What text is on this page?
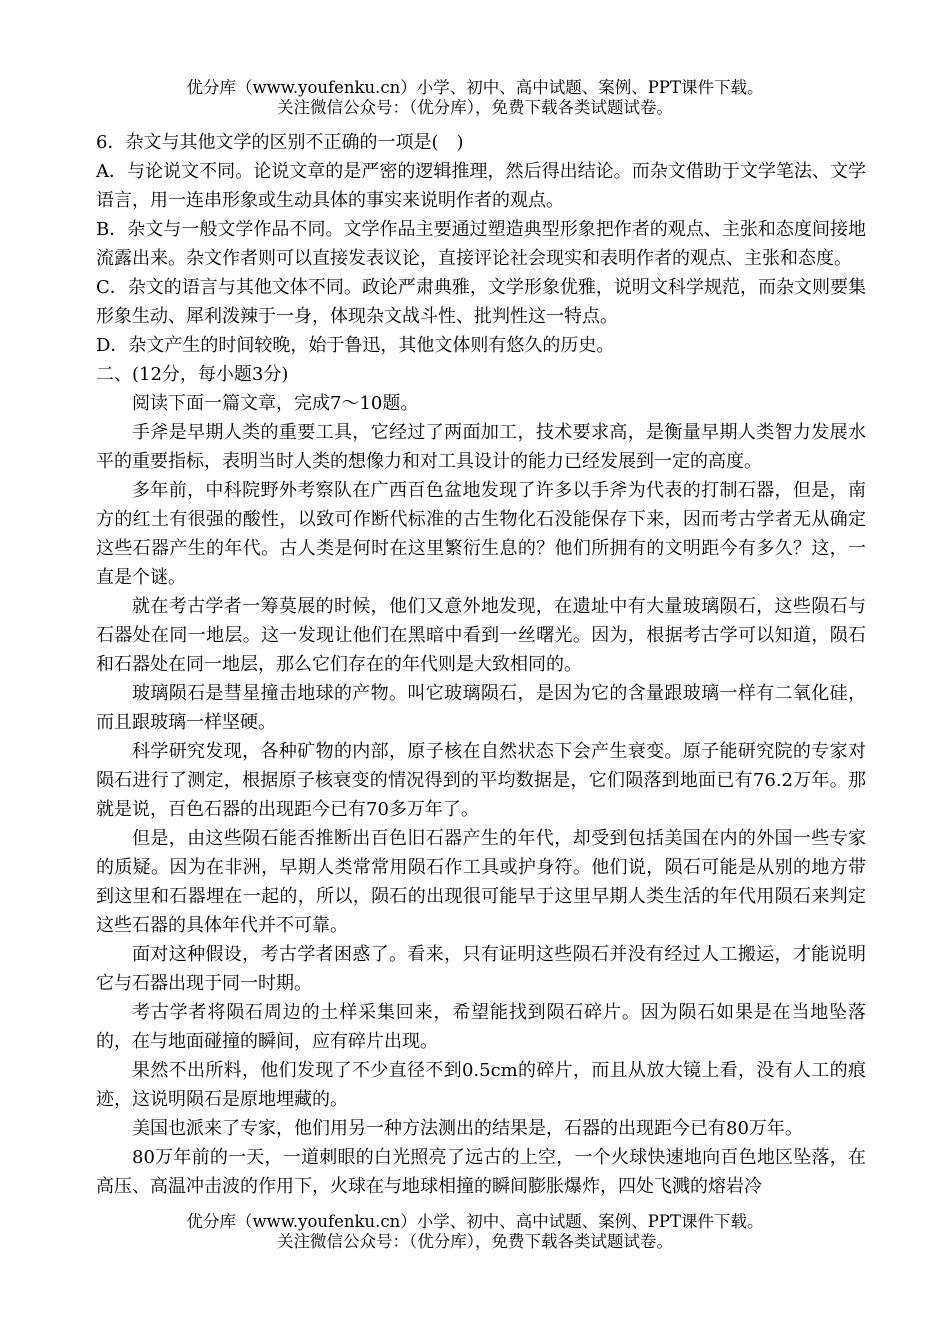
优分库（www.youfenku.cn）小学、初中、高中试题、案例、PPT课件下载。
关注微信公众号：（优分库），免费下载各类试题试卷。

6．杂文与其他文学的区别不正确的一项是(　)

A．与论说文不同。论说文章的是严密的逻辑推理，然后得出结论。而杂文借助于文学笔法、文学语言，用一连串形象或生动具体的事实来说明作者的观点。

B．杂文与一般文学作品不同。文学作品主要通过塑造典型形象把作者的观点、主张和态度间接地流露出来。杂文作者则可以直接发表议论，直接评论社会现实和表明作者的观点、主张和态度。

C．杂文的语言与其他文体不同。政论严肃典雅，文学形象优雅，说明文科学规范，而杂文则要集形象生动、犀利泼辣于一身，体现杂文战斗性、批判性这一特点。

D．杂文产生的时间较晚，始于鲁迅，其他文体则有悠久的历史。

二、(12分，每小题3分)

阅读下面一篇文章，完成7～10题。

手斧是早期人类的重要工具，它经过了两面加工，技术要求高，是衡量早期人类智力发展水平的重要指标，表明当时人类的想像力和对工具设计的能力已经发展到一定的高度。

多年前，中科院野外考察队在广西百色盆地发现了许多以手斧为代表的打制石器，但是，南方的红土有很强的酸性，以致可作断代标准的古生物化石没能保存下来，因而考古学者无从确定这些石器产生的年代。古人类是何时在这里繁衍生息的？他们所拥有的文明距今有多久？这，一直是个谜。

就在考古学者一筹莫展的时候，他们又意外地发现，在遗址中有大量玻璃陨石，这些陨石与石器处在同一地层。这一发现让他们在黑暗中看到一丝曙光。因为，根据考古学可以知道，陨石和石器处在同一地层，那么它们存在的年代则是大致相同的。

玻璃陨石是彗星撞击地球的产物。叫它玻璃陨石，是因为它的含量跟玻璃一样有二氧化硅，而且跟玻璃一样坚硬。

科学研究发现，各种矿物的内部，原子核在自然状态下会产生衰变。原子能研究院的专家对陨石进行了测定，根据原子核衰变的情况得到的平均数据是，它们陨落到地面已有76.2万年。那就是说，百色石器的出现距今已有70多万年了。

但是，由这些陨石能否推断出百色旧石器产生的年代，却受到包括美国在内的外国一些专家的质疑。因为在非洲，早期人类常常用陨石作工具或护身符。他们说，陨石可能是从别的地方带到这里和石器埋在一起的，所以，陨石的出现很可能早于这里早期人类生活的年代用陨石来判定这些石器的具体年代并不可靠。

面对这种假设，考古学者困惑了。看来，只有证明这些陨石并没有经过人工搬运，才能说明它与石器出现于同一时期。

考古学者将陨石周边的土样采集回来，希望能找到陨石碎片。因为陨石如果是在当地坠落的，在与地面碰撞的瞬间，应有碎片出现。

果然不出所料，他们发现了不少直径不到0.5cm的碎片，而且从放大镜上看，没有人工的痕迹，这说明陨石是原地埋藏的。

美国也派来了专家，他们用另一种方法测出的结果是，石器的出现距今已有80万年。

80万年前的一天，一道刺眼的白光照亮了远古的上空，一个火球快速地向百色地区坠落，在高压、高温冲击波的作用下，火球在与地球相撞的瞬间膨胀爆炸，四处飞溅的熔岩冷

优分库（www.youfenku.cn）小学、初中、高中试题、案例、PPT课件下载。
关注微信公众号：（优分库），免费下载各类试题试卷。
